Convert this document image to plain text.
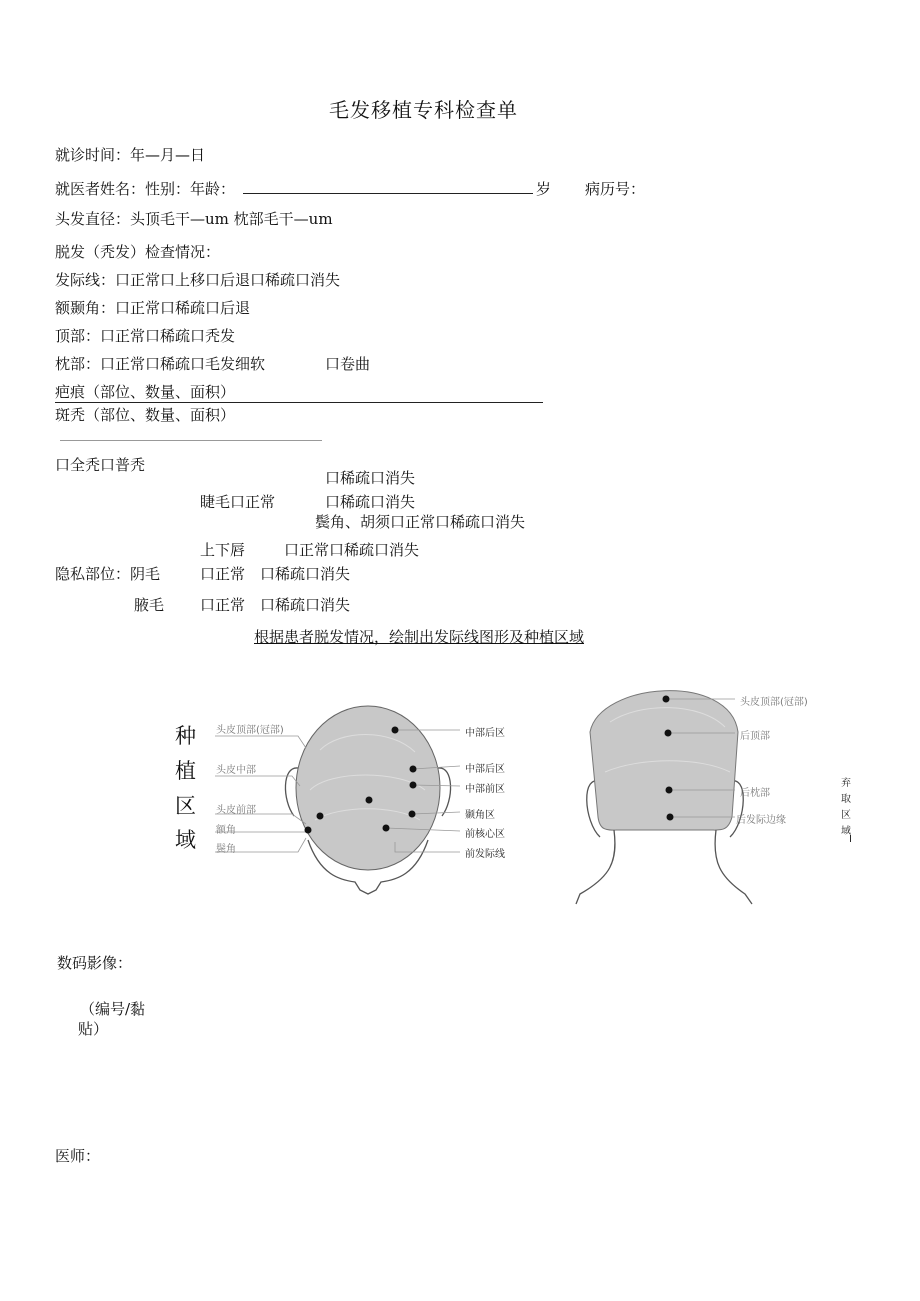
毛发移植专科检查单
就诊时间：年—月—日
就医者姓名：性别：年龄：	岁 病历号：
头发直径：头顶毛干—um 枕部毛干—um
脱发（秃发）检查情况：
发际线：口正常口上移口后退口稀疏口消失
额颞角：口正常口稀疏口后退
顶部：口正常口稀疏口秃发
枕部：口正常口稀疏口毛发细软	口卷曲
疤痕（部位、数量、面积）
斑秃（部位、数量、面积）
口全秃口普秃
口稀疏口消失
睫毛口正常	口稀疏口消失
鬓角、胡须口正常口稀疏口消失
上下唇	口正常口稀疏口消失
隐私部位：阴毛	口正常　口稀疏口消失
腋毛 口正常　口稀疏口消失
根据患者脱发情况，绘制出发际线图形及种植区域
种
植
区
域
头皮顶部(冠部)
头皮中部
头皮前部
额角
鬓角
中部后区
中部后区
中部前区
颞角区
前核心区
前发际线
头皮顶部(冠部)
后顶部
后枕部
后发际边缘
弃
取
区
域
I
数码影像：
（编号/黏
贴）
医师：
